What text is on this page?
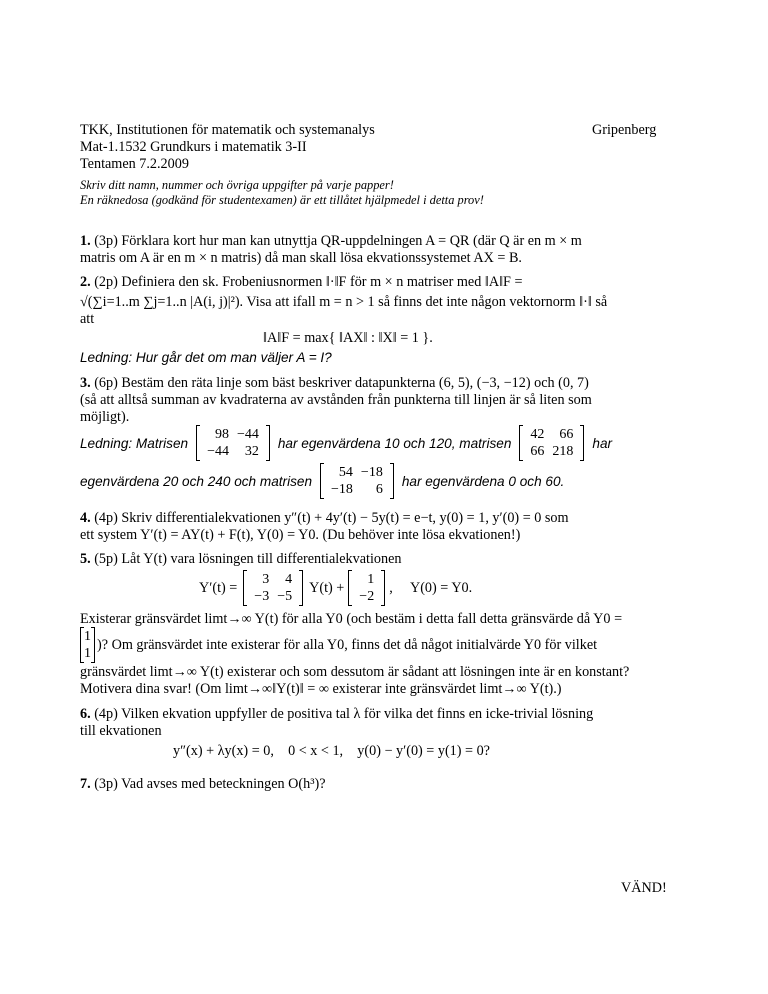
TKK, Institutionen för matematik och systemanalys	Gripenberg
Mat-1.1532 Grundkurs i matematik 3-II
Tentamen 7.2.2009
Skriv ditt namn, nummer och övriga uppgifter på varje papper!
En räknedosa (godkänd för studentexamen) är ett tillåtet hjälpmedel i detta prov!
1. (3p) Förklara kort hur man kan utnyttja QR-uppdelningen A = QR (där Q är en m × m
matris om A är en m × n matris) då man skall lösa ekvationssystemet AX = B.
2. (2p) Definiera den sk. Frobeniusnormen ‖·‖F för m × n matriser med ‖A‖F =
√(∑i=1..m ∑j=1..n |A(i, j)|²). Visa att ifall m = n > 1 så finns det inte någon vektornorm ‖·‖ så
att
‖A‖F = max{ ‖AX‖ : ‖X‖ = 1 }.
Ledning: Hur går det om man väljer A = I?
3. (6p) Bestäm den räta linje som bäst beskriver datapunkterna (6, 5), (−3, −12) och (0, 7)
(så att alltså summan av kvadraterna av avstånden från punkterna till linjen är så liten som
möjligt).
Ledning: Matrisen
98	−44
−44	32
har egenvärdena 10 och 120, matrisen
42	66
66	218
har
egenvärdena 20 och 240 och matrisen
54	−18
−18	6
har egenvärdena 0 och 60.
4. (4p) Skriv differentialekvationen y″(t) + 4y′(t) − 5y(t) = e−t, y(0) = 1, y′(0) = 0 som
ett system Y′(t) = AY(t) + F(t), Y(0) = Y0. (Du behöver inte lösa ekvationen!)
5. (5p) Låt Y(t) vara lösningen till differentialekvationen
Y′(t) = 3	4
−3	−5
Y(t) + 1
−2
,     Y(0) = Y0.
Existerar gränsvärdet limt→∞ Y(t) för alla Y0 (och bestäm i detta fall detta gränsvärde då Y0 =
1
1
)? Om gränsvärdet inte existerar för alla Y0, finns det då något initialvärde Y0 för vilket
gränsvärdet limt→∞ Y(t) existerar och som dessutom är sådant att lösningen inte är en konstant?
Motivera dina svar! (Om limt→∞‖Y(t)‖ = ∞ existerar inte gränsvärdet limt→∞ Y(t).)
6. (4p) Vilken ekvation uppfyller de positiva tal λ för vilka det finns en icke-trivial lösning
till ekvationen
y″(x) + λy(x) = 0,    0 < x < 1,    y(0) − y′(0) = y(1) = 0?
7. (3p) Vad avses med beteckningen O(h³)?
VÄND!
